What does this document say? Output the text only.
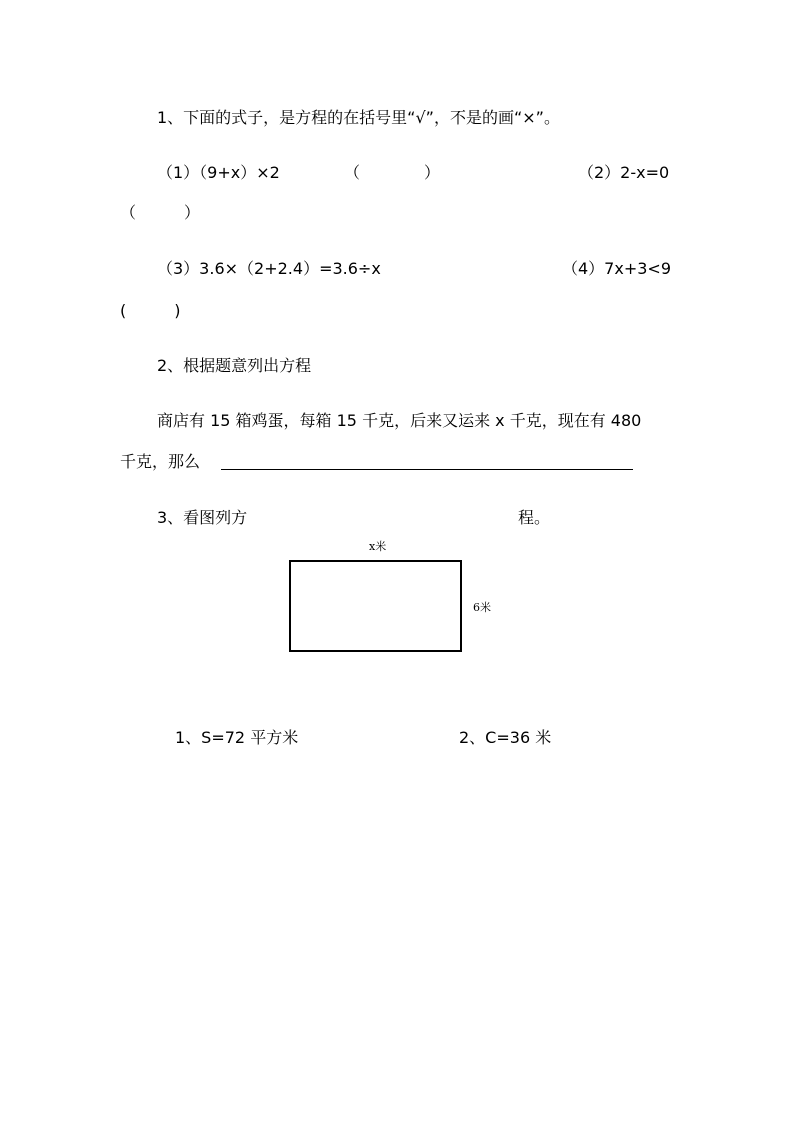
1、下面的式子，是方程的在括号里“√”，不是的画“×”。
（1）（9+x）×2	（　　　　）	（2）2-x=0
（　　　）
（3）3.6×（2+2.4）=3.6÷x	（4）7x+3<9
(　　　)
2、根据题意列出方程
商店有 15 箱鸡蛋，每箱 15 千克，后来又运来 x 千克，现在有 480
千克，那么
3、看图列方	程。
x米
6米
1、S=72 平方米	2、C=36 米
